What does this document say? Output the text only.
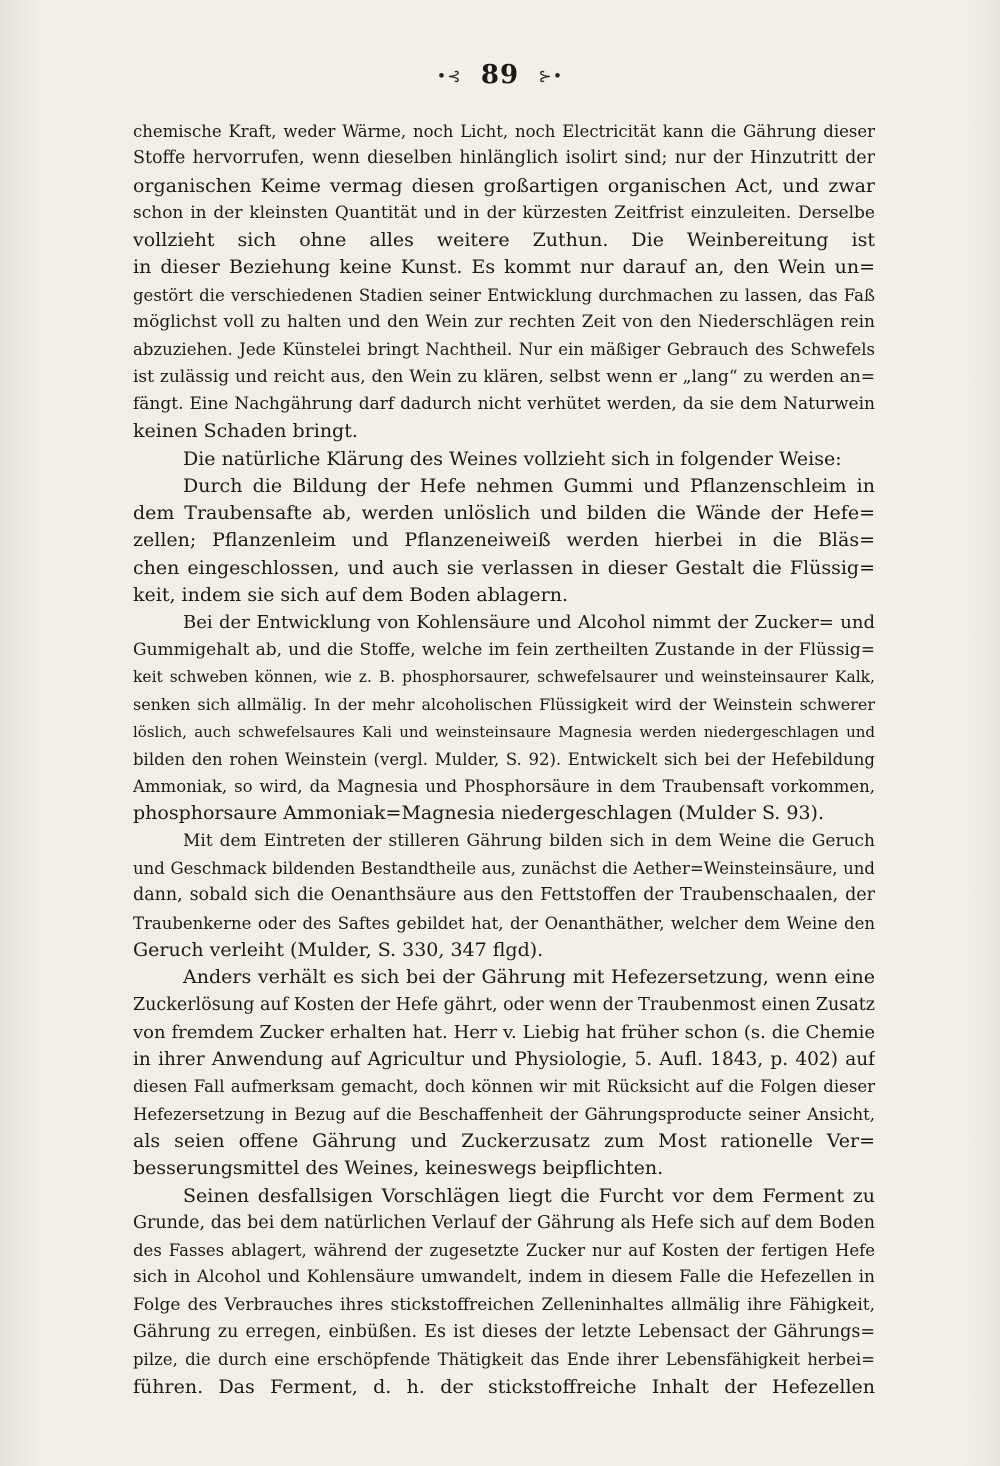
•⊰ 89 ⊱•
chemische Kraft, weder Wärme, noch Licht, noch Electricität kann die Gährung dieser
Stoffe hervorrufen, wenn dieselben hinlänglich isolirt sind; nur der Hinzutritt der
organischen Keime vermag diesen großartigen organischen Act, und zwar
schon in der kleinsten Quantität und in der kürzesten Zeitfrist einzuleiten. Derselbe
vollzieht sich ohne alles weitere Zuthun. Die Weinbereitung ist
in dieser Beziehung keine Kunst. Es kommt nur darauf an, den Wein un=
gestört die verschiedenen Stadien seiner Entwicklung durchmachen zu lassen, das Faß
möglichst voll zu halten und den Wein zur rechten Zeit von den Niederschlägen rein
abzuziehen. Jede Künstelei bringt Nachtheil. Nur ein mäßiger Gebrauch des Schwefels
ist zulässig und reicht aus, den Wein zu klären, selbst wenn er „lang“ zu werden an=
fängt. Eine Nachgährung darf dadurch nicht verhütet werden, da sie dem Naturwein
keinen Schaden bringt.
Die natürliche Klärung des Weines vollzieht sich in folgender Weise:
Durch die Bildung der Hefe nehmen Gummi und Pflanzenschleim in
dem Traubensafte ab, werden unlöslich und bilden die Wände der Hefe=
zellen; Pflanzenleim und Pflanzeneiweiß werden hierbei in die Bläs=
chen eingeschlossen, und auch sie verlassen in dieser Gestalt die Flüssig=
keit, indem sie sich auf dem Boden ablagern.
Bei der Entwicklung von Kohlensäure und Alcohol nimmt der Zucker= und
Gummigehalt ab, und die Stoffe, welche im fein zertheilten Zustande in der Flüssig=
keit schweben können, wie z. B. phosphorsaurer, schwefelsaurer und weinsteinsaurer Kalk,
senken sich allmälig. In der mehr alcoholischen Flüssigkeit wird der Weinstein schwerer
löslich, auch schwefelsaures Kali und weinsteinsaure Magnesia werden niedergeschlagen und
bilden den rohen Weinstein (vergl. Mulder, S. 92). Entwickelt sich bei der Hefebildung
Ammoniak, so wird, da Magnesia und Phosphorsäure in dem Traubensaft vorkommen,
phosphorsaure Ammoniak=Magnesia niedergeschlagen (Mulder S. 93).
Mit dem Eintreten der stilleren Gährung bilden sich in dem Weine die Geruch
und Geschmack bildenden Bestandtheile aus, zunächst die Aether=Weinsteinsäure, und
dann, sobald sich die Oenanthsäure aus den Fettstoffen der Traubenschaalen, der
Traubenkerne oder des Saftes gebildet hat, der Oenanthäther, welcher dem Weine den
Geruch verleiht (Mulder, S. 330, 347 flgd).
Anders verhält es sich bei der Gährung mit Hefezersetzung, wenn eine
Zuckerlösung auf Kosten der Hefe gährt, oder wenn der Traubenmost einen Zusatz
von fremdem Zucker erhalten hat. Herr v. Liebig hat früher schon (s. die Chemie
in ihrer Anwendung auf Agricultur und Physiologie, 5. Aufl. 1843, p. 402) auf
diesen Fall aufmerksam gemacht, doch können wir mit Rücksicht auf die Folgen dieser
Hefezersetzung in Bezug auf die Beschaffenheit der Gährungsproducte seiner Ansicht,
als seien offene Gährung und Zuckerzusatz zum Most rationelle Ver=
besserungsmittel des Weines, keineswegs beipflichten.
Seinen desfallsigen Vorschlägen liegt die Furcht vor dem Ferment zu
Grunde, das bei dem natürlichen Verlauf der Gährung als Hefe sich auf dem Boden
des Fasses ablagert, während der zugesetzte Zucker nur auf Kosten der fertigen Hefe
sich in Alcohol und Kohlensäure umwandelt, indem in diesem Falle die Hefezellen in
Folge des Verbrauches ihres stickstoffreichen Zelleninhaltes allmälig ihre Fähigkeit,
Gährung zu erregen, einbüßen. Es ist dieses der letzte Lebensact der Gährungs=
pilze, die durch eine erschöpfende Thätigkeit das Ende ihrer Lebensfähigkeit herbei=
führen. Das Ferment, d. h. der stickstoffreiche Inhalt der Hefezellen
